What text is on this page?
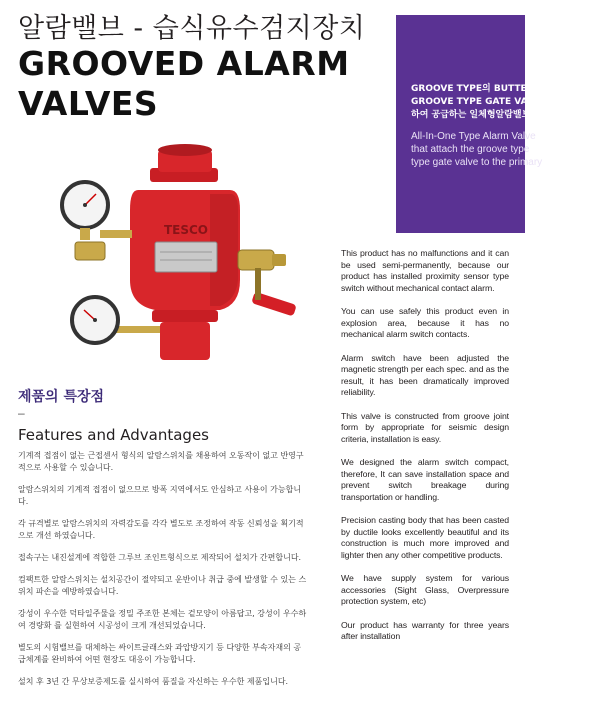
알람밸브 - 습식유수검지장치
GROOVED ALARM
VALVES	GROOVE TYPE의 BUTTERFLY VALVE와
GROOVE TYPE GATE VALVE를 결합
하여 공급하는 일체형알람밸브
All-In-One Type Alarm Valve
that attach the groove type
type gate valve to the primary
TESCO
제품의 특장점
–
Features and Advantages

기계적 접점이 없는 근접센서 형식의 알람스위치를 채용하여 오동작이 없고 반영구적으로 사용할 수 있습니다.

알람스위치의 기계적 접점이 없으므로 방폭 지역에서도 안심하고 사용이 가능합니다.

각 규격별로 알람스위치의 자력감도를 각각 별도로 조정하여 작동 신뢰성을 획기적으로 개선 하였습니다.

접속구는 내진설계에 적합한 그루브 조인트형식으로 제작되어 설치가 간편합니다.

컴팩트한 알람스위치는 설치공간이 절약되고 운반이나 취급 중에 발생할 수 있는 스위치 파손을 예방하였습니다.

강성이 우수한 덕타일주물을 정밀 주조한 본체는 겉모양이 아름답고, 강성이 우수하여 경량화 를 실현하여 시공성이 크게 개선되었습니다.

별도의 시험밸브를 대체하는 싸이트글래스와 과압방지기 등 다양한 부속자재의 공급체계를 완비하여 어떤 현장도 대응이 가능합니다.

설치 후 3년 간 무상보증제도를 실시하여 품질을 자신하는 우수한 제품입니다.

This product has no malfunctions and it can be used semi-permanently, because our product has installed proximity sensor type switch without mechanical contact alarm.

You can use safely this product even in explosion area, because it has no mechanical alarm switch contacts.

Alarm switch have been adjusted the magnetic strength per each spec. and as the result, it has been dramatically improved reliability.

This valve is constructed from groove joint form by appropriate for seismic design criteria, installation is easy.

We designed the alarm switch compact, therefore, It can save installation space and prevent switch breakage during transportation or handling.

Precision casting body that has been casted by ductile looks excellently beautiful and its construction is much more improved and lighter then any other competitive products.

We have supply system for various accessories (Sight Glass, Overpressure protection system, etc)

Our product has warranty for three years after installation
